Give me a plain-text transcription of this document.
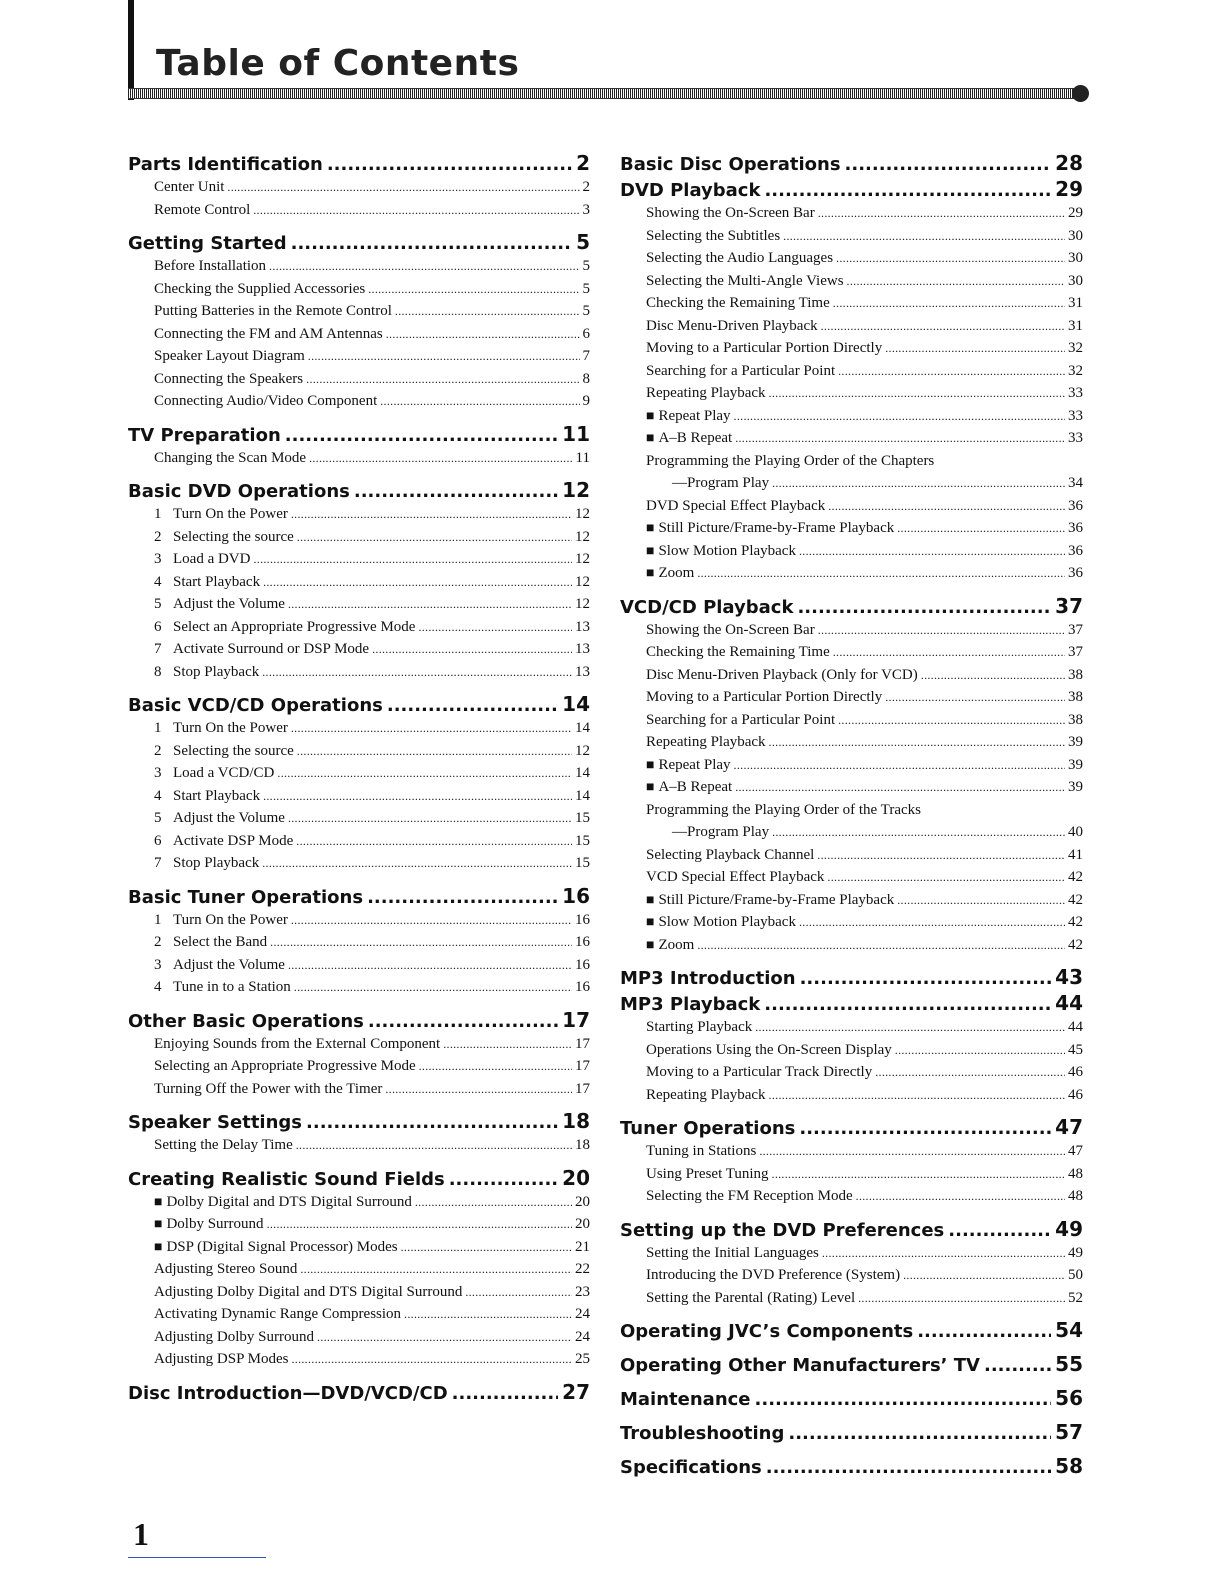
Table of Contents
Parts Identification .....	2
Center Unit .....	2
Remote Control .....	3
Getting Started .....	5
Before Installation .....	5
Checking the Supplied Accessories .....	5
Putting Batteries in the Remote Control .....	5
Connecting the FM and AM Antennas .....	6
Speaker Layout Diagram .....	7
Connecting the Speakers .....	8
Connecting Audio/Video Component .....	9
TV Preparation .....	11
Changing the Scan Mode .....	11
Basic DVD Operations .....	12
1 Turn On the Power .....	12
2 Selecting the source .....	12
3 Load a DVD .....	12
4 Start Playback .....	12
5 Adjust the Volume .....	12
6 Select an Appropriate Progressive Mode .....	13
7 Activate Surround or DSP Mode .....	13
8 Stop Playback .....	13
Basic VCD/CD Operations .....	14
1 Turn On the Power .....	14
2 Selecting the source .....	12
3 Load a VCD/CD .....	14
4 Start Playback .....	14
5 Adjust the Volume .....	15
6 Activate DSP Mode .....	15
7 Stop Playback .....	15
Basic Tuner Operations .....	16
1 Turn On the Power .....	16
2 Select the Band .....	16
3 Adjust the Volume .....	16
4 Tune in to a Station .....	16
Other Basic Operations .....	17
Enjoying Sounds from the External Component .....	17
Selecting an Appropriate Progressive Mode .....	17
Turning Off the Power with the Timer .....	17
Speaker Settings .....	18
Setting the Delay Time .....	18
Creating Realistic Sound Fields .....	20
■ Dolby Digital and DTS Digital Surround .....	20
■ Dolby Surround .....	20
■ DSP (Digital Signal Processor) Modes .....	21
Adjusting Stereo Sound .....	22
Adjusting Dolby Digital and DTS Digital Surround .....	23
Activating Dynamic Range Compression .....	24
Adjusting Dolby Surround .....	24
Adjusting DSP Modes .....	25
Disc Introduction—DVD/VCD/CD .....	27
Basic Disc Operations .....	28
DVD Playback .....	29
Showing the On-Screen Bar .....	29
Selecting the Subtitles .....	30
Selecting the Audio Languages .....	30
Selecting the Multi-Angle Views .....	30
Checking the Remaining Time .....	31
Disc Menu-Driven Playback .....	31
Moving to a Particular Portion Directly .....	32
Searching for a Particular Point .....	32
Repeating Playback .....	33
■ Repeat Play .....	33
■ A–B Repeat .....	33
Programming the Playing Order of the Chapters
—Program Play .....	34
DVD Special Effect Playback .....	36
■ Still Picture/Frame-by-Frame Playback .....	36
■ Slow Motion Playback .....	36
■ Zoom .....	36
VCD/CD Playback .....	37
Showing the On-Screen Bar .....	37
Checking the Remaining Time .....	37
Disc Menu-Driven Playback (Only for VCD) .....	38
Moving to a Particular Portion Directly .....	38
Searching for a Particular Point .....	38
Repeating Playback .....	39
■ Repeat Play .....	39
■ A–B Repeat .....	39
Programming the Playing Order of the Tracks
—Program Play .....	40
Selecting Playback Channel .....	41
VCD Special Effect Playback .....	42
■ Still Picture/Frame-by-Frame Playback .....	42
■ Slow Motion Playback .....	42
■ Zoom .....	42
MP3 Introduction .....	43
MP3 Playback .....	44
Starting Playback .....	44
Operations Using the On-Screen Display .....	45
Moving to a Particular Track Directly .....	46
Repeating Playback .....	46
Tuner Operations .....	47
Tuning in Stations .....	47
Using Preset Tuning .....	48
Selecting the FM Reception Mode .....	48
Setting up the DVD Preferences .....	49
Setting the Initial Languages .....	49
Introducing the DVD Preference (System) .....	50
Setting the Parental (Rating) Level .....	52
Operating JVC’s Components .....	54
Operating Other Manufacturers’ TV .....	55
Maintenance .....	56
Troubleshooting .....	57
Specifications .....	58
1
